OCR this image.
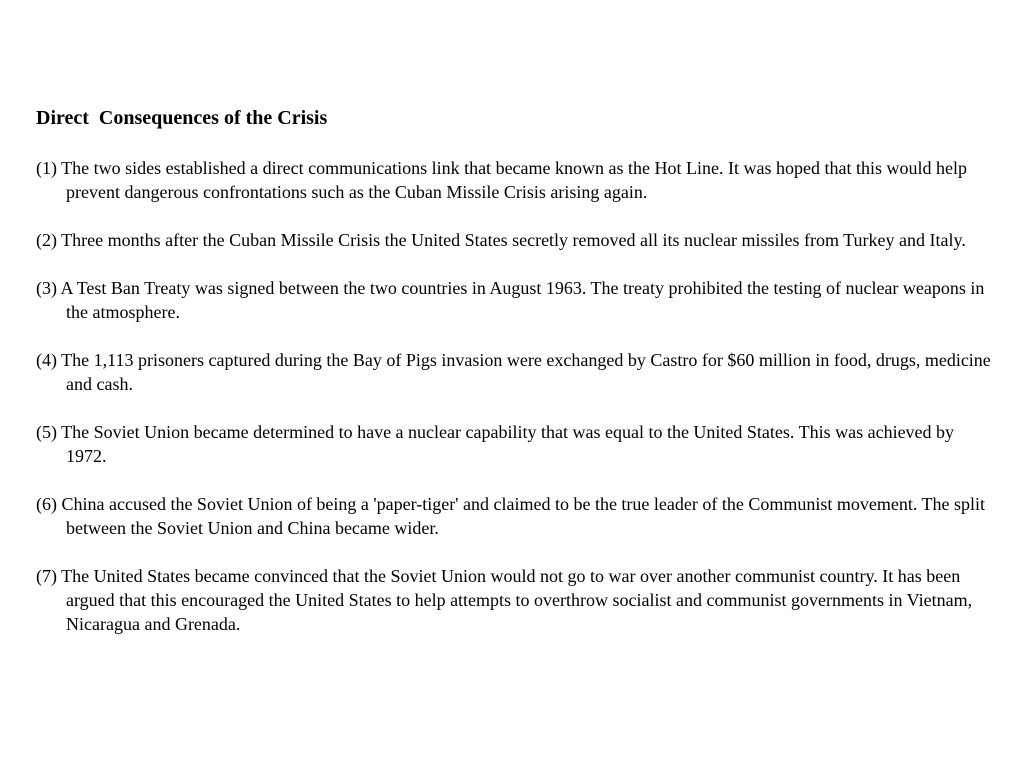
Direct  Consequences of the Crisis
(1) The two sides established a direct communications link that became known as the Hot Line. It was hoped that this would help prevent dangerous confrontations such as the Cuban Missile Crisis arising again.
(2) Three months after the Cuban Missile Crisis the United States secretly removed all its nuclear missiles from Turkey and Italy.
(3) A Test Ban Treaty was signed between the two countries in August 1963. The treaty prohibited the testing of nuclear weapons in the atmosphere.
(4) The 1,113 prisoners captured during the Bay of Pigs invasion were exchanged by Castro for $60 million in food, drugs, medicine and cash.
(5) The Soviet Union became determined to have a nuclear capability that was equal to the United States. This was achieved by 1972.
(6) China accused the Soviet Union of being a 'paper-tiger' and claimed to be the true leader of the Communist movement. The split between the Soviet Union and China became wider.
(7) The United States became convinced that the Soviet Union would not go to war over another communist country. It has been argued that this encouraged the United States to help attempts to overthrow socialist and communist governments in Vietnam, Nicaragua and Grenada.
